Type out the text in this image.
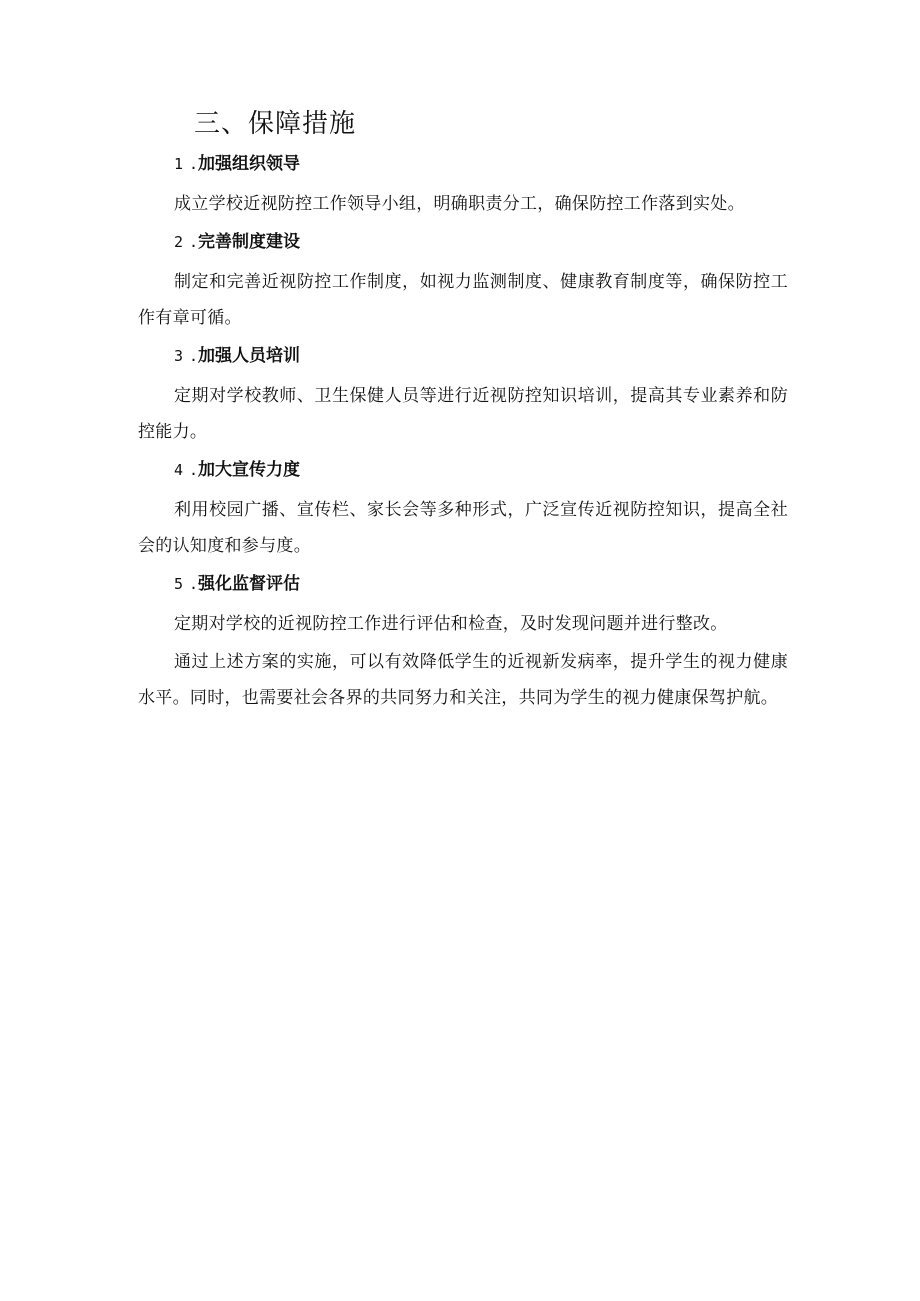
三、保障措施

1 .加强组织领导

成立学校近视防控工作领导小组，明确职责分工，确保防控工作落到实处。

2 .完善制度建设

制定和完善近视防控工作制度，如视力监测制度、健康教育制度等，确保防控工作有章可循。

3 .加强人员培训

定期对学校教师、卫生保健人员等进行近视防控知识培训，提高其专业素养和防控能力。

4 .加大宣传力度

利用校园广播、宣传栏、家长会等多种形式，广泛宣传近视防控知识，提高全社会的认知度和参与度。

5 .强化监督评估

定期对学校的近视防控工作进行评估和检查，及时发现问题并进行整改。

通过上述方案的实施，可以有效降低学生的近视新发病率，提升学生的视力健康水平。同时，也需要社会各界的共同努力和关注，共同为学生的视力健康保驾护航。
